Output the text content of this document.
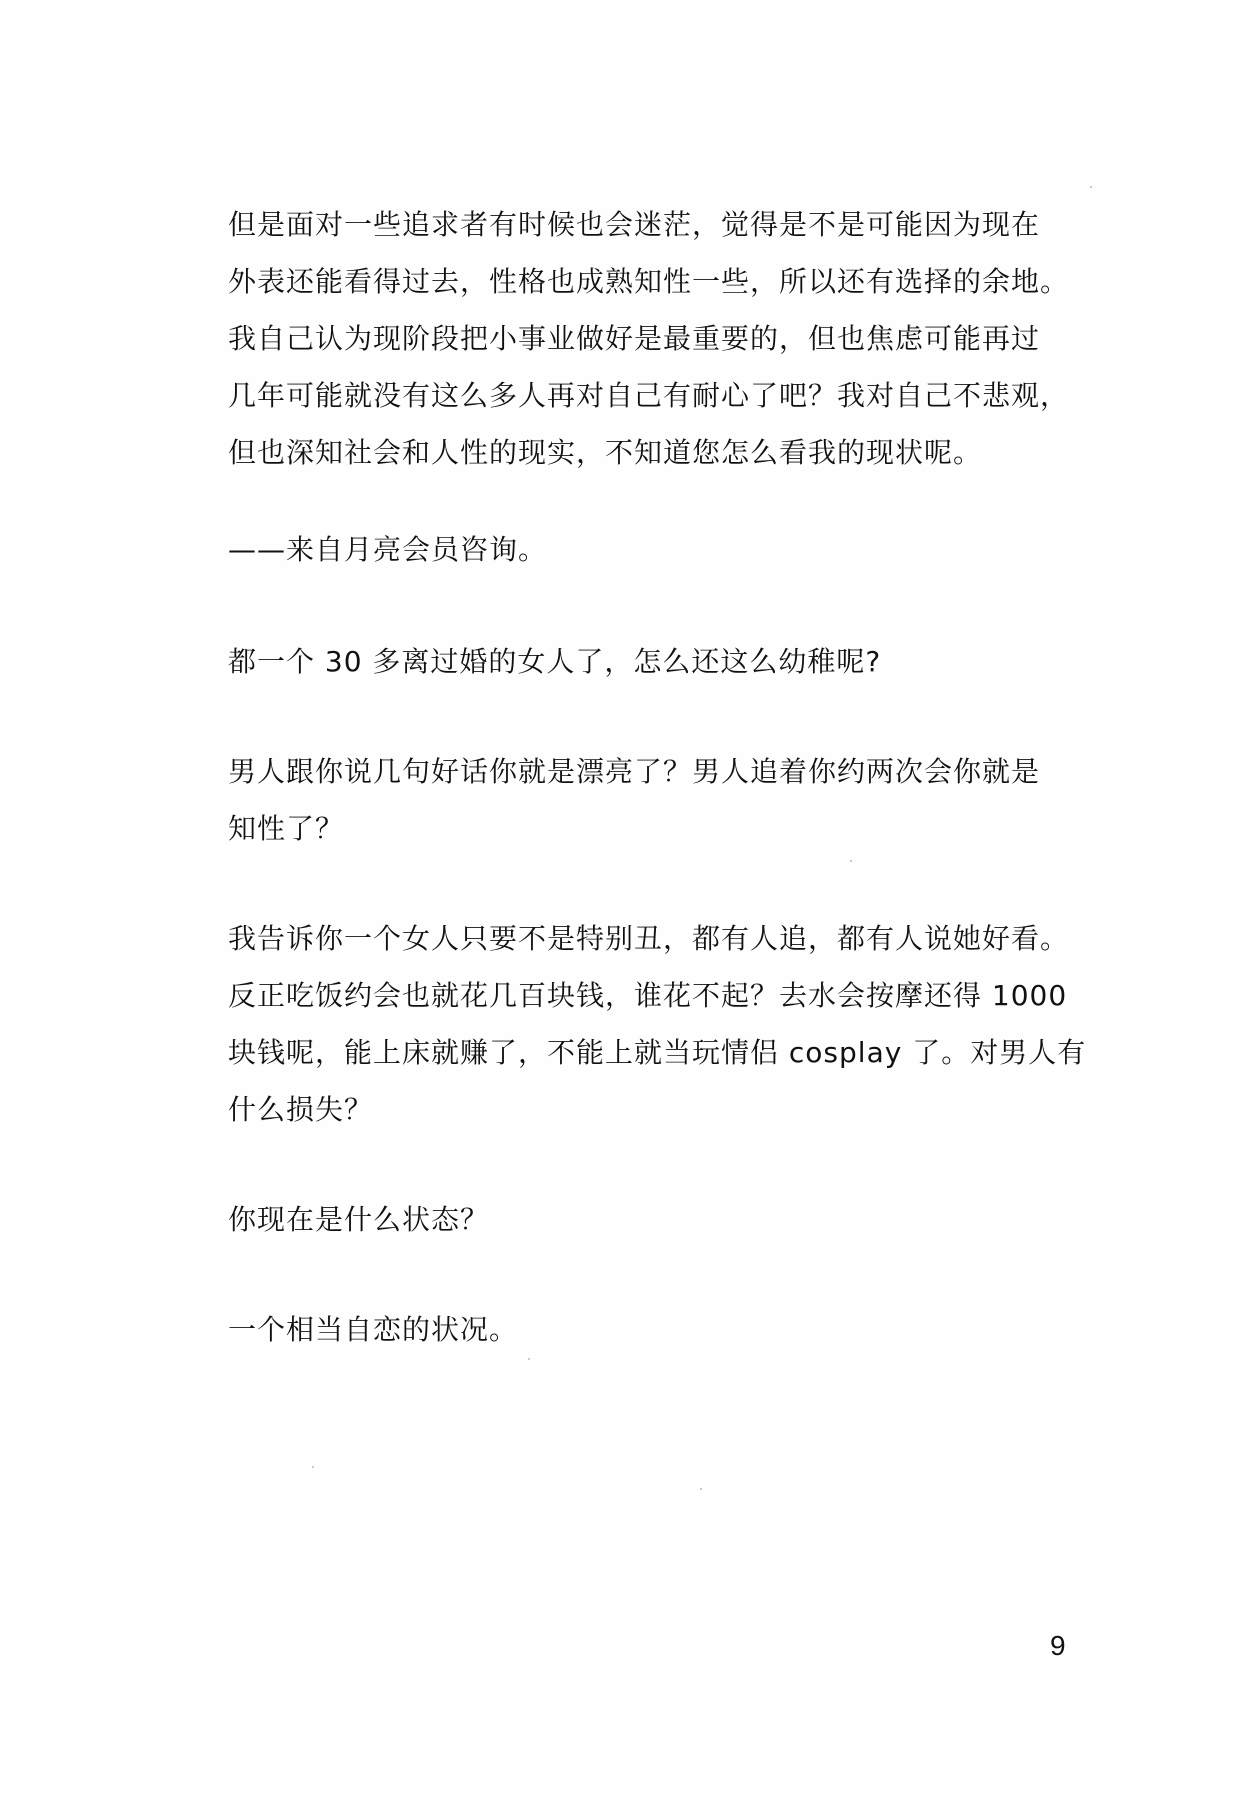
但是面对一些追求者有时候也会迷茫，觉得是不是可能因为现在
外表还能看得过去，性格也成熟知性一些，所以还有选择的余地。
我自己认为现阶段把小事业做好是最重要的，但也焦虑可能再过
几年可能就没有这么多人再对自己有耐心了吧？我对自己不悲观，
但也深知社会和人性的现实，不知道您怎么看我的现状呢。

——来自月亮会员咨询。

都一个 30 多离过婚的女人了，怎么还这么幼稚呢?

男人跟你说几句好话你就是漂亮了？男人追着你约两次会你就是
知性了？

我告诉你一个女人只要不是特别丑，都有人追，都有人说她好看。
反正吃饭约会也就花几百块钱，谁花不起？去水会按摩还得 1000
块钱呢，能上床就赚了，不能上就当玩情侣 cosplay 了。对男人有
什么损失？

你现在是什么状态？

一个相当自恋的状况。

9
